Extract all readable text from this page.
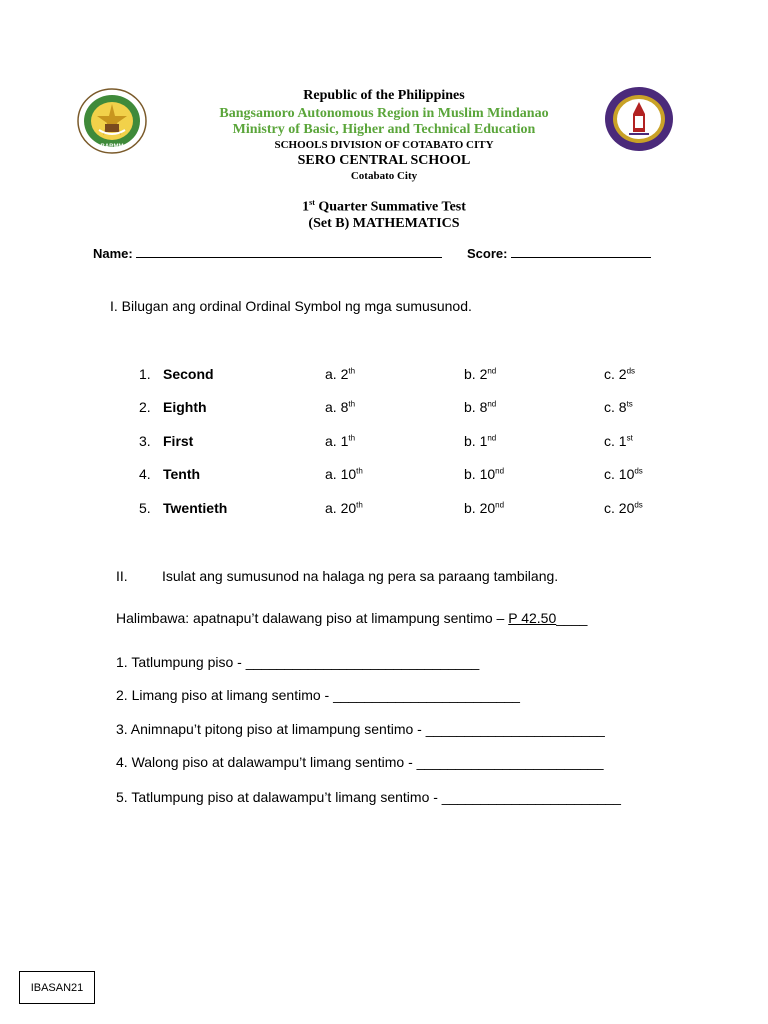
BARMM
Republic of the Philippines
Bangsamoro Autonomous Region in Muslim Mindanao
Ministry of Basic, Higher and Technical Education
SCHOOLS DIVISION OF COTABATO CITY
SERO CENTRAL SCHOOL
Cotabato City
1st Quarter Summative Test
(Set B) MATHEMATICS
Name:	Score:
I. Bilugan ang ordinal Ordinal Symbol ng mga sumusunod.
1. Second	a. 2th	b. 2nd	c. $2^{ds}$
2. Eighth	a. 8th	b. 8nd	c. $8^{ts}$
3. First	a. 1th	b. 1nd	c. 1st
4. Tenth	a. 10th	b. 10nd	c. $10^{ds}$
5. Twentieth	a. 20th	b. 20nd	c. $20^{ds}$
II. Isulat ang sumusunod na halaga ng pera sa paraang tambilang.
Halimbawa: apatnapu’t dalawang piso at limampung sentimo – P 42.50____
1. Tatlumpung piso - ______________________________
2. Limang piso at limang sentimo - ________________________
3. Animnapu’t pitong piso at limampung sentimo - _______________________
4. Walong piso at dalawampu’t limang sentimo - ________________________
5. Tatlumpung piso at dalawampu’t limang sentimo - _______________________
IBASAN21
